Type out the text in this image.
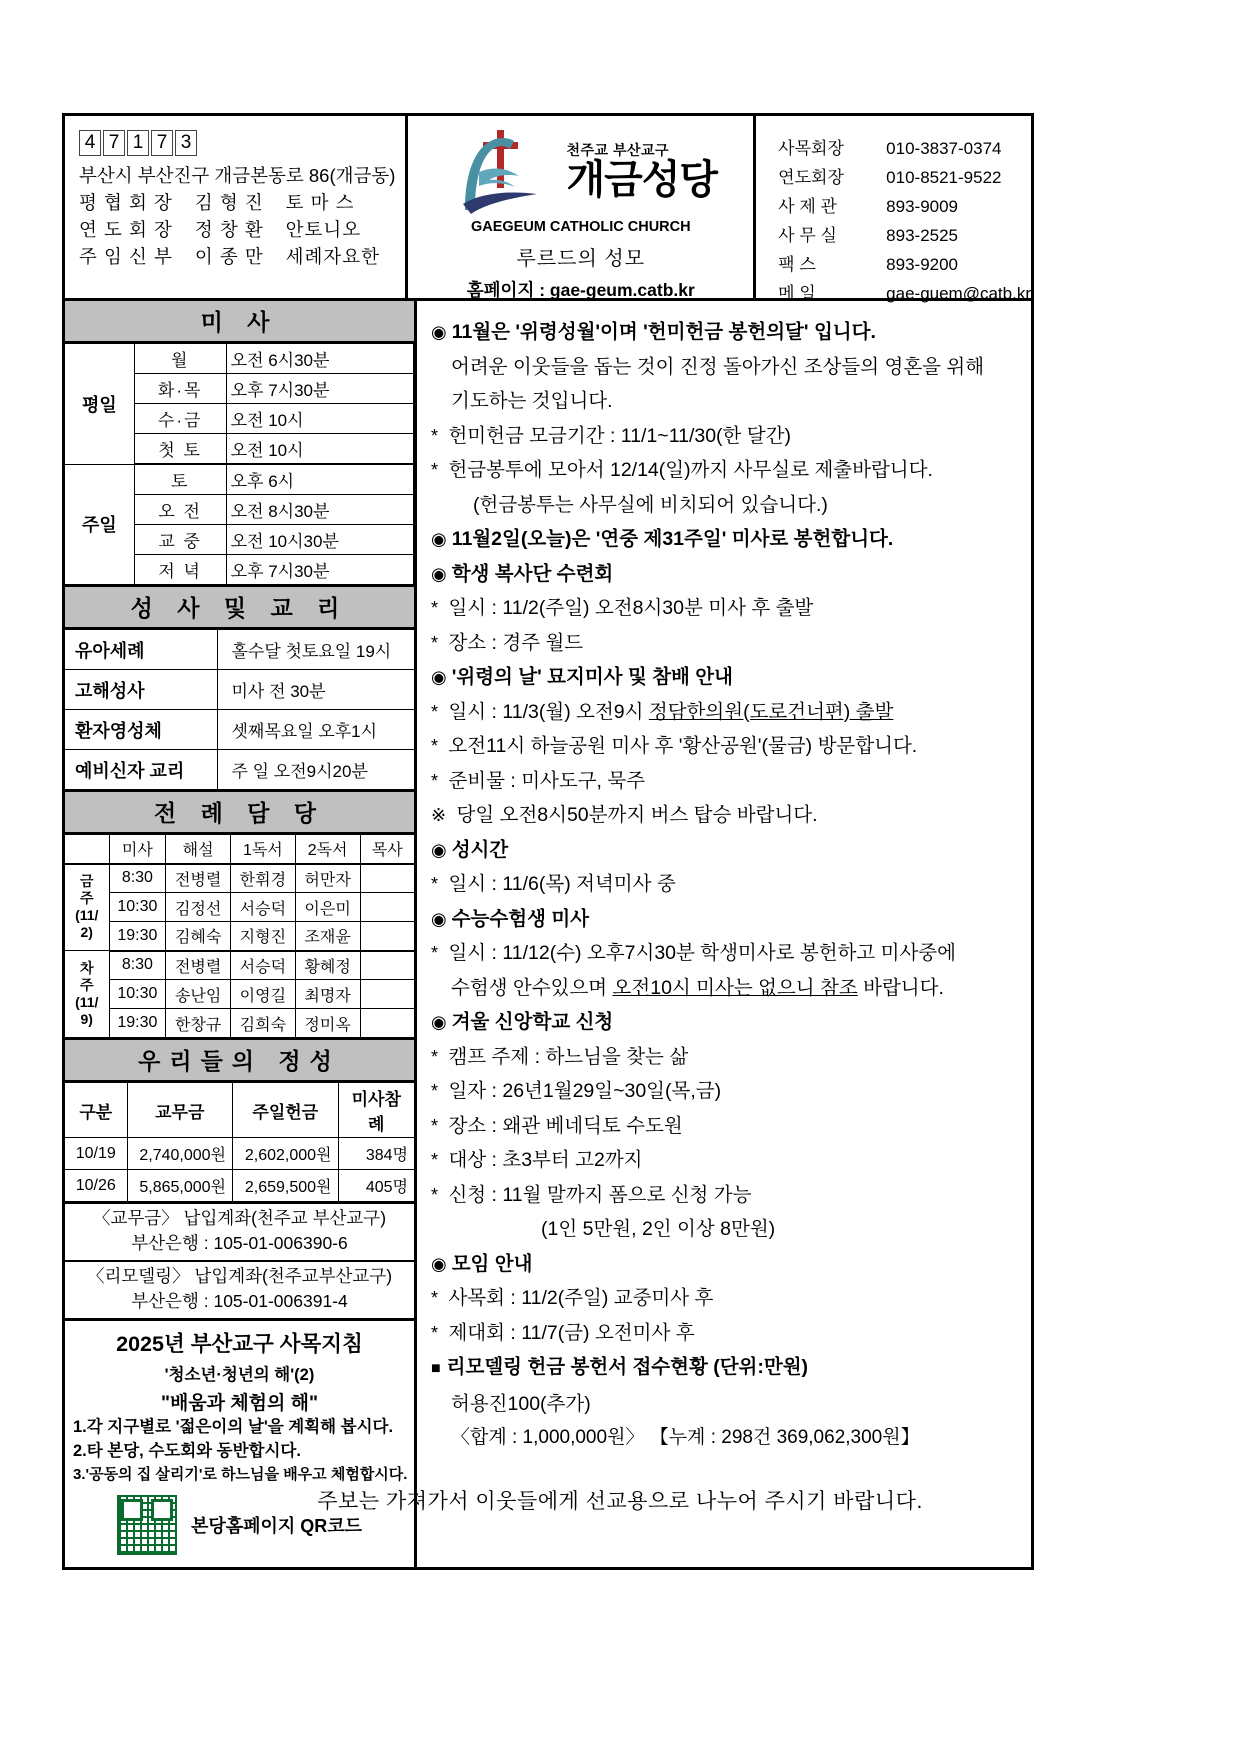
4 7 1 7 3
부산시 부산진구 개금본동로 86(개금동)
평 협 회 장 김 형 진 토 마 스
연 도 회 장 정 창 환 안토니오
주 임 신 부 이 종 만 세례자요한
천주교 부산교구
개금성당
GAEGEUM CATHOLIC CHURCH
루르드의 성모
홈페이지 : gae-geum.catb.kr
사목회장	010-3837-0374
연도회장	010-8521-9522
사 제 관	893-9009
사 무 실	893-2525
팩 스	893-9200
메 일	gae-guem@catb.kr
미 사
평일	월	오전 6시30분
	화·목	오후 7시30분
	수·금	오전 10시
	첫 토	오전 10시
주일	토	오후 6시
	오 전	오전 8시30분
	교 중	오전 10시30분
	저 녁	오후 7시30분
성 사 및 교 리
유아세례	홀수달 첫토요일 19시
고해성사	미사 전 30분
환자영성체	셋째목요일 오후1시
예비신자 교리	주 일 오전9시20분
전 례 담 당
	미사	해설	1독서	2독서	목사
금
주
(11/
2)	8:30	전병렬	한휘경	허만자	
	10:30	김정선	서승덕	이은미	
	19:30	김혜숙	지형진	조재윤	
차
주
(11/
9)	8:30	전병렬	서승덕	황혜정	
	10:30	송난임	이영길	최명자	
	19:30	한창규	김희숙	정미옥	
우리들의 정성
구분	교무금	주일헌금	미사참례
10/19	2,740,000원	2,602,000원	384명
10/26	5,865,000원	2,659,500원	405명
〈교무금〉 납입계좌(천주교 부산교구)
부산은행 : 105-01-006390-6
〈리모델링〉 납입계좌(천주교부산교구)
부산은행 : 105-01-006391-4
2025년 부산교구 사목지침
'청소년·청년의 해'(2)
"배움과 체험의 해"
1.각 지구별로 '젊은이의 날'을 계획해 봅시다.
2.타 본당, 수도회와 동반합시다.
3.'공동의 집 살리기'로 하느님을 배우고 체험합시다.
본당홈페이지 QR코드
◉ 11월은 '위령성월'이며 '헌미헌금 봉헌의달' 입니다.
어려운 이웃들을 돕는 것이 진정 돌아가신 조상들의 영혼을 위해
기도하는 것입니다.
* 헌미헌금 모금기간 : 11/1~11/30(한 달간)
* 헌금봉투에 모아서 12/14(일)까지 사무실로 제출바랍니다.
(헌금봉투는 사무실에 비치되어 있습니다.)
◉ 11월2일(오늘)은 '연중 제31주일' 미사로 봉헌합니다.
◉ 학생 복사단 수련회
* 일시 : 11/2(주일) 오전8시30분 미사 후 출발
* 장소 : 경주 월드
◉ '위령의 날' 묘지미사 및 참배 안내
* 일시 : 11/3(월) 오전9시 정담한의원(도로건너편) 출발
* 오전11시 하늘공원 미사 후 '황산공원'(물금) 방문합니다.
* 준비물 : 미사도구, 묵주
※ 당일 오전8시50분까지 버스 탑승 바랍니다.
◉ 성시간
* 일시 : 11/6(목) 저녁미사 중
◉ 수능수험생 미사
* 일시 : 11/12(수) 오후7시30분 학생미사로 봉헌하고 미사중에
수험생 안수있으며 오전10시 미사는 없으니 참조 바랍니다.
◉ 겨울 신앙학교 신청
* 캠프 주제 : 하느님을 찾는 삶
* 일자 : 26년1월29일~30일(목,금)
* 장소 : 왜관 베네딕토 수도원
* 대상 : 초3부터 고2까지
* 신청 : 11월 말까지 폼으로 신청 가능
(1인 5만원, 2인 이상 8만원)
◉ 모임 안내
* 사목회 : 11/2(주일) 교중미사 후
* 제대회 : 11/7(금) 오전미사 후
■ 리모델링 헌금 봉헌서 접수현황 (단위:만원)
허용진100(추가)
〈합계 : 1,000,000원〉 【누계 : 298건 369,062,300원】
주보는 가져가서 이웃들에게 선교용으로 나누어 주시기 바랍니다.
